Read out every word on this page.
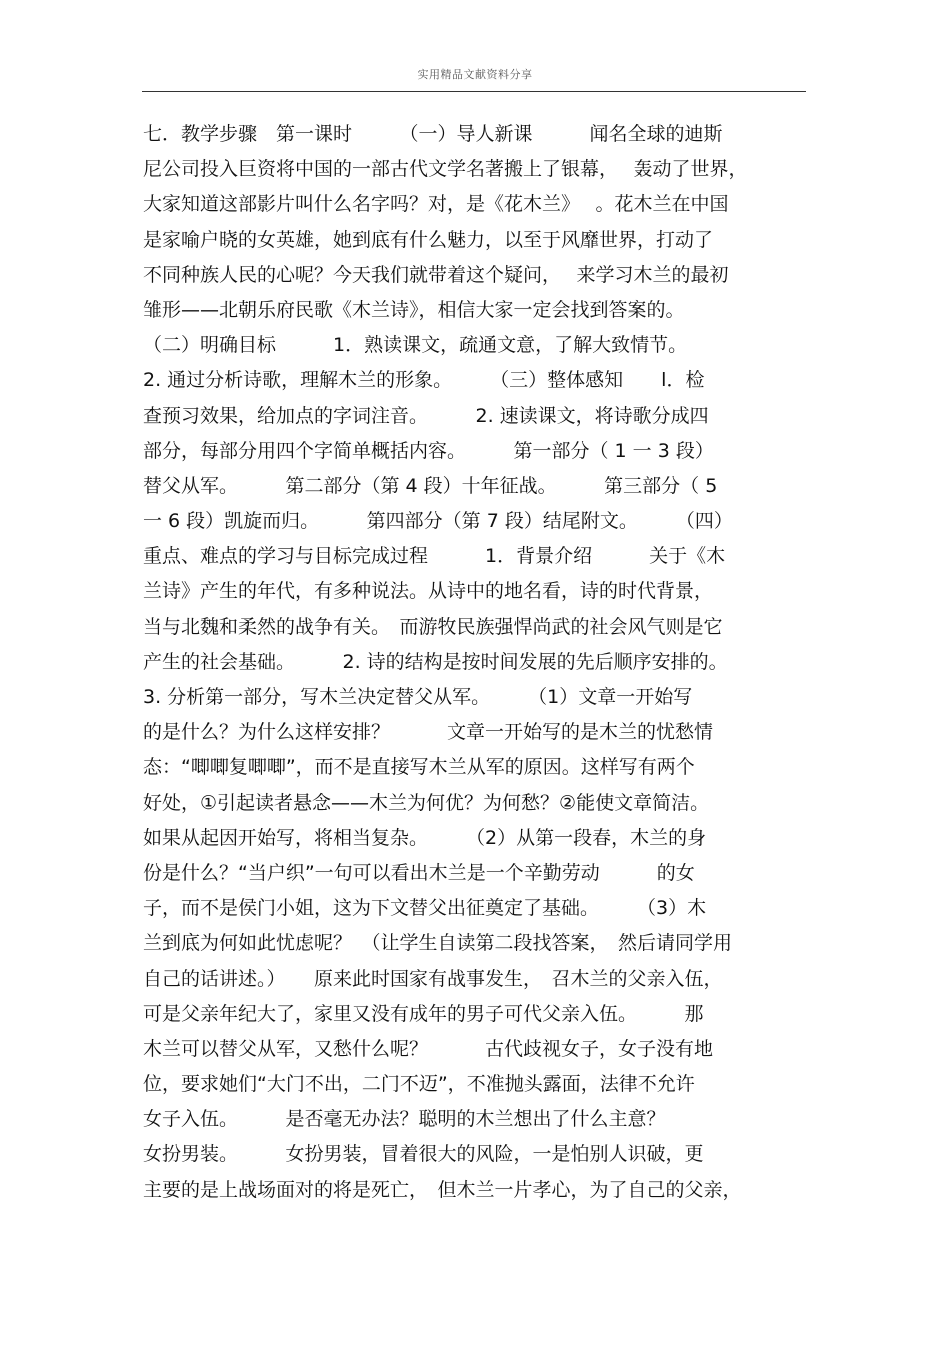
实用精品文献资料分享
七．教学步骤　第一课时　　　（一）导人新课　　　闻名全球的迪斯
尼公司投入巨资将中国的一部古代文学名著搬上了银幕，　 轰动了世界，
大家知道这部影片叫什么名字吗？对，是《花木兰》　 。花木兰在中国
是家喻户晓的女英雄，她到底有什么魅力，以至于风靡世界，打动了
不同种族人民的心呢？今天我们就带着这个疑问，　 来学习木兰的最初
雏形——北朝乐府民歌《木兰诗》，相信大家一定会找到答案的。
（二）明确目标　　　1．熟读课文，疏通文意，了解大致情节。
2. 通过分析诗歌，理解木兰的形象。　　　（三）整体感知　　l．检
查预习效果，给加点的字词注音。　　　2. 速读课文，将诗歌分成四
部分，每部分用四个字简单概括内容。　　　第一部分（ 1 一 3 段）
替父从军。　　　第二部分（第 4 段）十年征战。　　　第三部分（ 5
一 6 段）凯旋而归。　　　第四部分（第 7 段）结尾附文。　　　（四）
重点、难点的学习与目标完成过程　　　1．背景介绍　　　关于《木
兰诗》产生的年代，有多种说法。从诗中的地名看，诗的时代背景，
当与北魏和柔然的战争有关。　而游牧民族强悍尚武的社会风气则是它
产生的社会基础。　　　2. 诗的结构是按时间发展的先后顺序安排的。
3. 分析第一部分，写木兰决定替父从军。　　　（1）文章一开始写
的是什么？为什么这样安排？　　　文章一开始写的是木兰的忧愁情
态：“唧唧复唧唧”，而不是直接写木兰从军的原因。这样写有两个
好处，①引起读者悬念——木兰为何优？为何愁？②能使文章简洁。
如果从起因开始写，将相当复杂。　　　（2）从第一段春，木兰的身
份是什么？“当户织”一句可以看出木兰是一个辛勤劳动　　　的女
子，而不是侯门小姐，这为下文替父出征奠定了基础。　　　（3）木
兰到底为何如此忧虑呢？　（让学生自读第二段找答案，　然后请同学用
自己的话讲述。）　　原来此时国家有战事发生，　召木兰的父亲入伍，
可是父亲年纪大了，家里又没有成年的男子可代父亲入伍。　　　那
木兰可以替父从军，又愁什么呢？　　　古代歧视女子，女子没有地
位，要求她们“大门不出，二门不迈”，不准抛头露面，法律不允许
女子入伍。　　　是否毫无办法？聪明的木兰想出了什么主意？
女扮男装。　　　女扮男装，冒着很大的风险，一是怕别人识破，更
主要的是上战场面对的将是死亡，　但木兰一片孝心，为了自己的父亲，
